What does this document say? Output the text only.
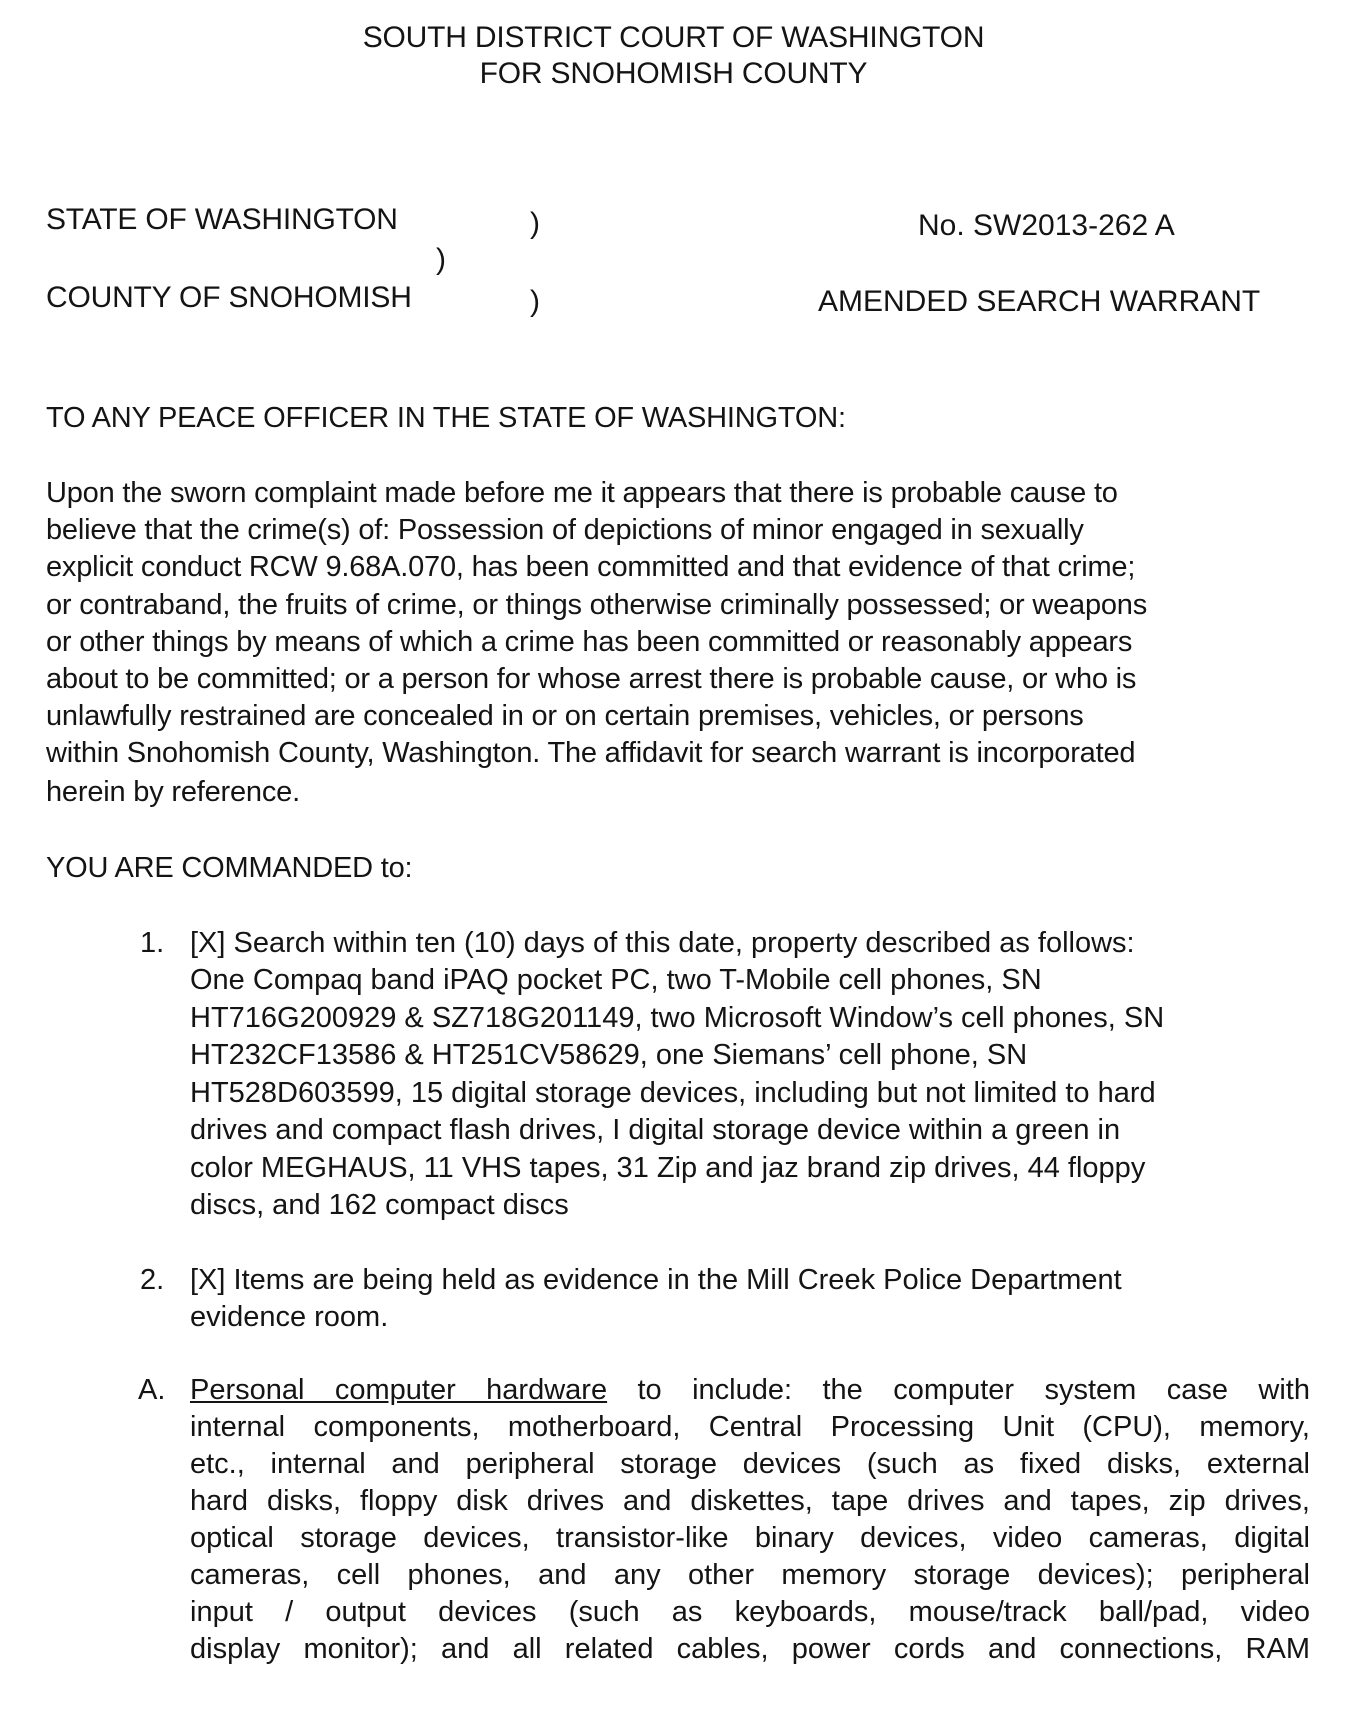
SOUTH DISTRICT COURT OF WASHINGTON
FOR SNOHOMISH COUNTY
STATE OF WASHINGTON	)
)
COUNTY OF SNOHOMISH	)
No. SW2013-262 A
AMENDED SEARCH WARRANT
TO ANY PEACE OFFICER IN THE STATE OF WASHINGTON:
Upon the sworn complaint made before me it appears that there is probable cause to
believe that the crime(s) of: Possession of depictions of minor engaged in sexually
explicit conduct RCW 9.68A.070, has been committed and that evidence of that crime;
or contraband, the fruits of crime, or things otherwise criminally possessed; or weapons
or other things by means of which a crime has been committed or reasonably appears
about to be committed; or a person for whose arrest there is probable cause, or who is
unlawfully restrained are concealed in or on certain premises, vehicles, or persons
within Snohomish County, Washington. The affidavit for search warrant is incorporated
herein by reference.
YOU ARE COMMANDED to:
1. [X] Search within ten (10) days of this date, property described as follows:
One Compaq band iPAQ pocket PC, two T-Mobile cell phones, SN
HT716G200929 & SZ718G201149, two Microsoft Window’s cell phones, SN
HT232CF13586 & HT251CV58629, one Siemans’ cell phone, SN
HT528D603599, 15 digital storage devices, including but not limited to hard
drives and compact flash drives, I digital storage device within a green in
color MEGHAUS, 11 VHS tapes, 31 Zip and jaz brand zip drives, 44 floppy
discs, and 162 compact discs
2. [X] Items are being held as evidence in the Mill Creek Police Department
evidence room.
A. Personal computer hardware to include: the computer system case with
internal components, motherboard, Central Processing Unit (CPU), memory,
etc., internal and peripheral storage devices (such as fixed disks, external
hard disks, floppy disk drives and diskettes, tape drives and tapes, zip drives,
optical storage devices, transistor-like binary devices, video cameras, digital
cameras, cell phones, and any other memory storage devices); peripheral
input / output devices (such as keyboards, mouse/track ball/pad, video
display monitor); and all related cables, power cords and connections, RAM
